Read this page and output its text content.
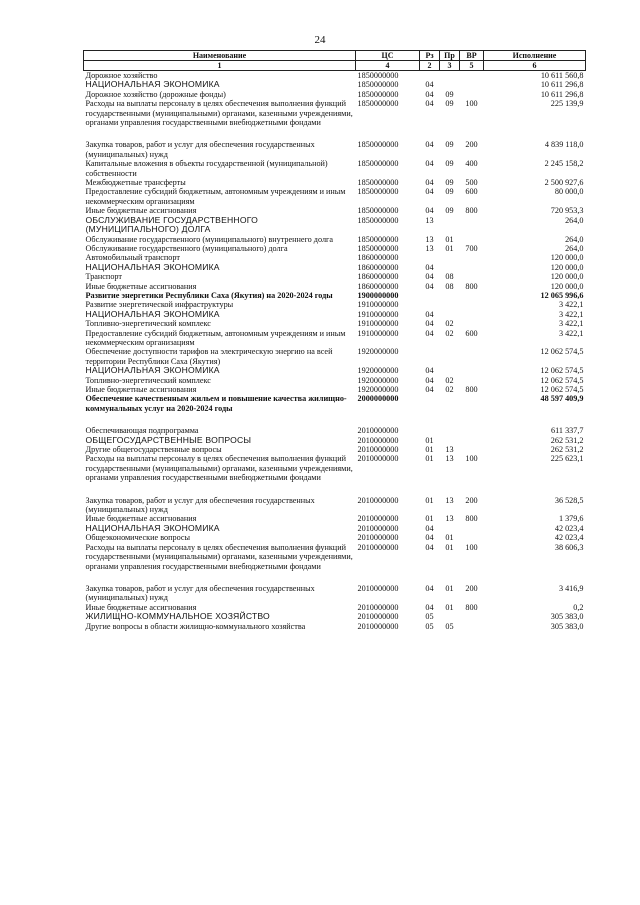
24
Наименование	ЦС	Рз	Пр	ВР	Исполнение
1	4	2	3	5	6
Дорожное хозяйство	1850000000				10 611 560,8
НАЦИОНАЛЬНАЯ ЭКОНОМИКА	1850000000	04			10 611 296,8
Дорожное хозяйство (дорожные фонды)	1850000000	04	09		10 611 296,8
Расходы на выплаты персоналу в целях обеспечения выполнения функций государственными (муниципальными) органами, казенными учреждениями, органами управления государственными внебюджетными фондами	1850000000	04	09	100	225 139,9

Закупка товаров, работ и услуг для обеспечения государственных (муниципальных) нужд	1850000000	04	09	200	4 839 118,0
Капитальные вложения в объекты государственной (муниципальной) собственности	1850000000	04	09	400	2 245 158,2
Межбюджетные трансферты	1850000000	04	09	500	2 500 927,6
Предоставление субсидий бюджетным, автономным учреждениям и иным некоммерческим организациям	1850000000	04	09	600	80 000,0
Иные бюджетные ассигнования	1850000000	04	09	800	720 953,3
ОБСЛУЖИВАНИЕ ГОСУДАРСТВЕННОГО (МУНИЦИПАЛЬНОГО) ДОЛГА	1850000000	13			264,0
Обслуживание государственного (муниципального) внутреннего долга	1850000000	13	01		264,0
Обслуживание государственного (муниципального) долга	1850000000	13	01	700	264,0
Автомобильный транспорт	1860000000				120 000,0
НАЦИОНАЛЬНАЯ ЭКОНОМИКА	1860000000	04			120 000,0
Транспорт	1860000000	04	08		120 000,0
Иные бюджетные ассигнования	1860000000	04	08	800	120 000,0
Развитие энергетики Республики Саха (Якутия) на 2020-2024 годы	1900000000				12 065 996,6
Развитие энергетической инфраструктуры	1910000000				3 422,1
НАЦИОНАЛЬНАЯ ЭКОНОМИКА	1910000000	04			3 422,1
Топливно-энергетический комплекс	1910000000	04	02		3 422,1
Предоставление субсидий бюджетным, автономным учреждениям и иным некоммерческим организациям	1910000000	04	02	600	3 422,1
Обеспечение доступности тарифов на электрическую энергию на всей территории Республики Саха (Якутия)	1920000000				12 062 574,5
НАЦИОНАЛЬНАЯ ЭКОНОМИКА	1920000000	04			12 062 574,5
Топливно-энергетический комплекс	1920000000	04	02		12 062 574,5
Иные бюджетные ассигнования	1920000000	04	02	800	12 062 574,5
Обеспечение качественным жильем и повышение качества жилищно-коммунальных услуг на 2020-2024 годы	2000000000				48 597 409,9

Обеспечивающая подпрограмма	2010000000				611 337,7
ОБЩЕГОСУДАРСТВЕННЫЕ ВОПРОСЫ	2010000000	01			262 531,2
Другие общегосударственные вопросы	2010000000	01	13		262 531,2
Расходы на выплаты персоналу в целях обеспечения выполнения функций государственными (муниципальными) органами, казенными учреждениями, органами управления государственными внебюджетными фондами	2010000000	01	13	100	225 623,1

Закупка товаров, работ и услуг для обеспечения государственных (муниципальных) нужд	2010000000	01	13	200	36 528,5
Иные бюджетные ассигнования	2010000000	01	13	800	1 379,6
НАЦИОНАЛЬНАЯ ЭКОНОМИКА	2010000000	04			42 023,4
Общеэкономические вопросы	2010000000	04	01		42 023,4
Расходы на выплаты персоналу в целях обеспечения выполнения функций государственными (муниципальными) органами, казенными учреждениями, органами управления государственными внебюджетными фондами	2010000000	04	01	100	38 606,3

Закупка товаров, работ и услуг для обеспечения государственных (муниципальных) нужд	2010000000	04	01	200	3 416,9
Иные бюджетные ассигнования	2010000000	04	01	800	0,2
ЖИЛИЩНО-КОММУНАЛЬНОЕ ХОЗЯЙСТВО	2010000000	05			305 383,0
Другие вопросы в области жилищно-коммунального хозяйства	2010000000	05	05		305 383,0
